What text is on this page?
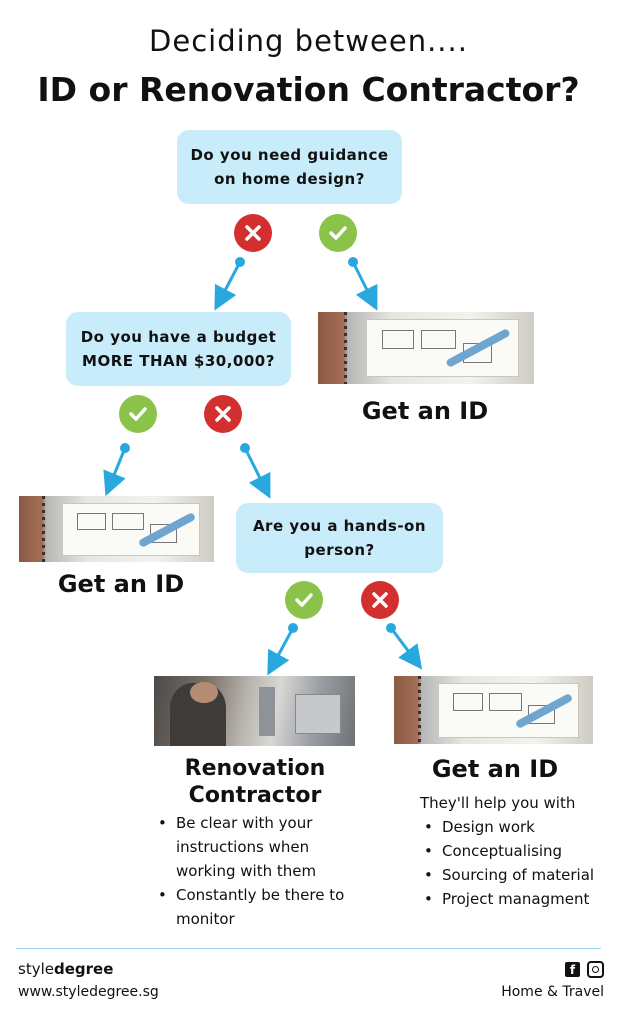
Deciding between....
ID or Renovation Contractor?
Do you need guidance on home design?
Do you have a budget MORE THAN $30,000?
Get an ID
Get an ID
Are you a hands-on person?
Renovation
Contractor
• Be clear with your instructions when working with them
• Constantly be there to monitor
Get an ID
They'll help you with
• Design work
• Conceptualising
• Sourcing of material
• Project managment
styledegree
www.styledegree.sg
f
Home & Travel
